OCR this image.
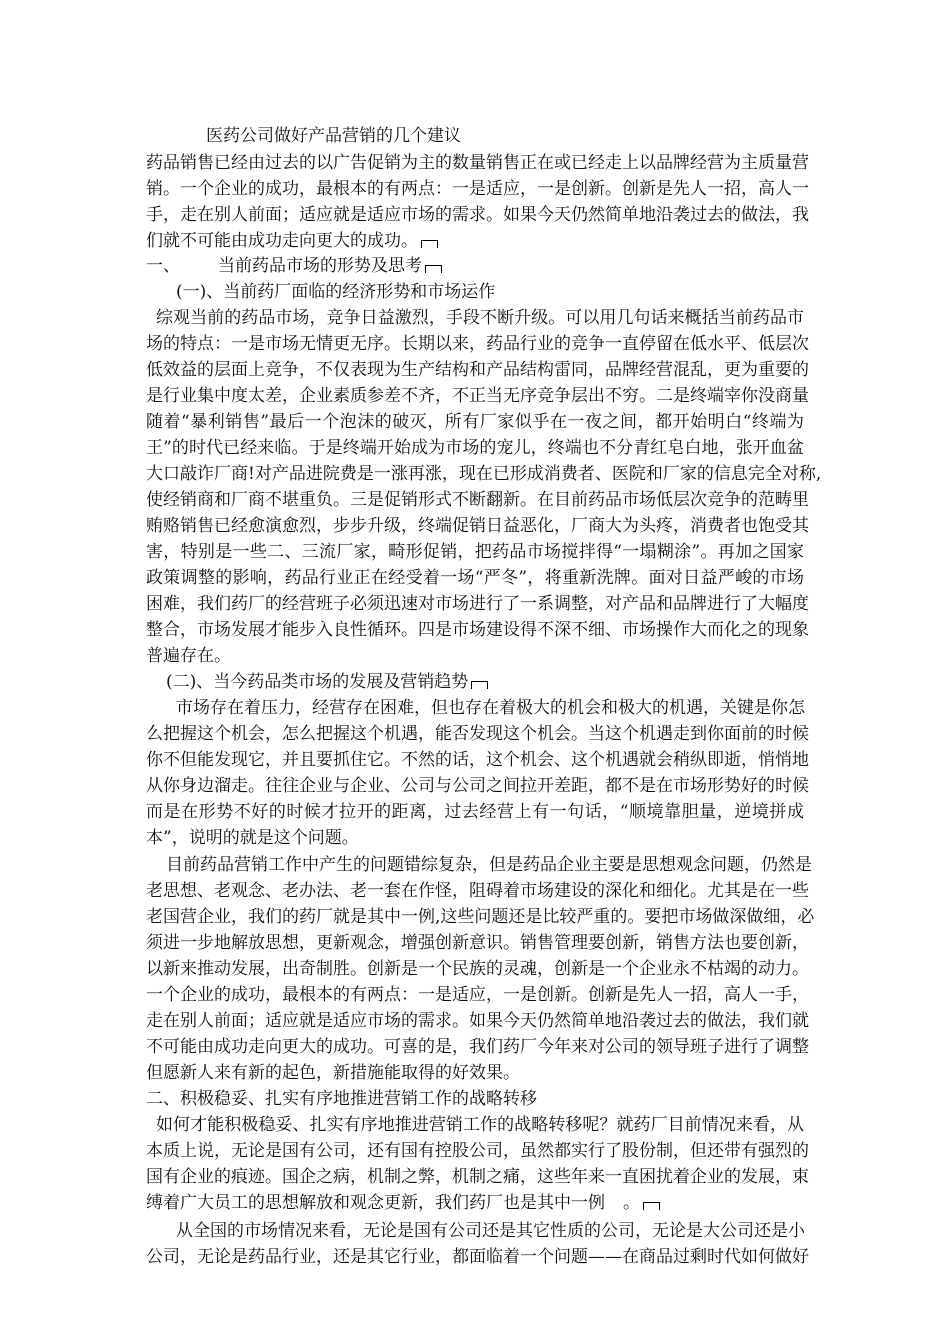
医药公司做好产品营销的几个建议
药品销售已经由过去的以广告促销为主的数量销售正在或已经走上以品牌经营为主质量营
销。一个企业的成功，最根本的有两点：一是适应，一是创新。创新是先人一招，高人一
手，走在别人前面；适应就是适应市场的需求。如果今天仍然简单地沿袭过去的做法，我
们就不可能由成功走向更大的成功。
一、 当前药品市场的形势及思考
(一)、当前药厂面临的经济形势和市场运作
综观当前的药品市场，竞争日益激烈，手段不断升级。可以用几句话来概括当前药品市
场的特点：一是市场无情更无序。长期以来，药品行业的竞争一直停留在低水平、低层次
低效益的层面上竞争，不仅表现为生产结构和产品结构雷同，品牌经营混乱，更为重要的
是行业集中度太差，企业素质参差不齐，不正当无序竞争层出不穷。二是终端宰你没商量
随着“暴利销售”最后一个泡沫的破灭，所有厂家似乎在一夜之间，都开始明白“终端为
王”的时代已经来临。于是终端开始成为市场的宠儿，终端也不分青红皂白地，张开血盆
大口敲诈厂商!对产品进院费是一涨再涨，现在已形成消费者、医院和厂家的信息完全对称,
使经销商和厂商不堪重负。三是促销形式不断翻新。在目前药品市场低层次竞争的范畴里
贿赂销售已经愈演愈烈，步步升级，终端促销日益恶化，厂商大为头疼，消费者也饱受其
害，特别是一些二、三流厂家，畸形促销，把药品市场搅拌得“一塌糊涂”。再加之国家
政策调整的影响，药品行业正在经受着一场“严冬”，将重新洗牌。面对日益严峻的市场
困难，我们药厂的经营班子必须迅速对市场进行了一系调整，对产品和品牌进行了大幅度
整合，市场发展才能步入良性循环。四是市场建设得不深不细、市场操作大而化之的现象
普遍存在。
(二)、当今药品类市场的发展及营销趋势
市场存在着压力，经营存在困难，但也存在着极大的机会和极大的机遇，关键是你怎
么把握这个机会，怎么把握这个机遇，能否发现这个机会。当这个机遇走到你面前的时候
你不但能发现它，并且要抓住它。不然的话，这个机会、这个机遇就会稍纵即逝，悄悄地
从你身边溜走。往往企业与企业、公司与公司之间拉开差距，都不是在市场形势好的时候
而是在形势不好的时候才拉开的距离，过去经营上有一句话，“顺境靠胆量，逆境拼成
本”，说明的就是这个问题。
目前药品营销工作中产生的问题错综复杂，但是药品企业主要是思想观念问题，仍然是
老思想、老观念、老办法、老一套在作怪，阻碍着市场建设的深化和细化。尤其是在一些
老国营企业，我们的药厂就是其中一例,这些问题还是比较严重的。要把市场做深做细，必
须进一步地解放思想，更新观念，增强创新意识。销售管理要创新，销售方法也要创新，
以新来推动发展，出奇制胜。创新是一个民族的灵魂，创新是一个企业永不枯竭的动力。
一个企业的成功，最根本的有两点：一是适应，一是创新。创新是先人一招，高人一手，
走在别人前面；适应就是适应市场的需求。如果今天仍然简单地沿袭过去的做法，我们就
不可能由成功走向更大的成功。可喜的是，我们药厂今年来对公司的领导班子进行了调整
但愿新人来有新的起色，新措施能取得的好效果。
二、积极稳妥、扎实有序地推进营销工作的战略转移
如何才能积极稳妥、扎实有序地推进营销工作的战略转移呢？就药厂目前情况来看，从
本质上说，无论是国有公司，还有国有控股公司，虽然都实行了股份制，但还带有强烈的
国有企业的痕迹。国企之病，机制之弊，机制之痛，这些年来一直困扰着企业的发展，束
缚着广大员工的思想解放和观念更新，我们药厂也是其中一例 。
从全国的市场情况来看，无论是国有公司还是其它性质的公司，无论是大公司还是小
公司，无论是药品行业，还是其它行业，都面临着一个问题——在商品过剩时代如何做好
